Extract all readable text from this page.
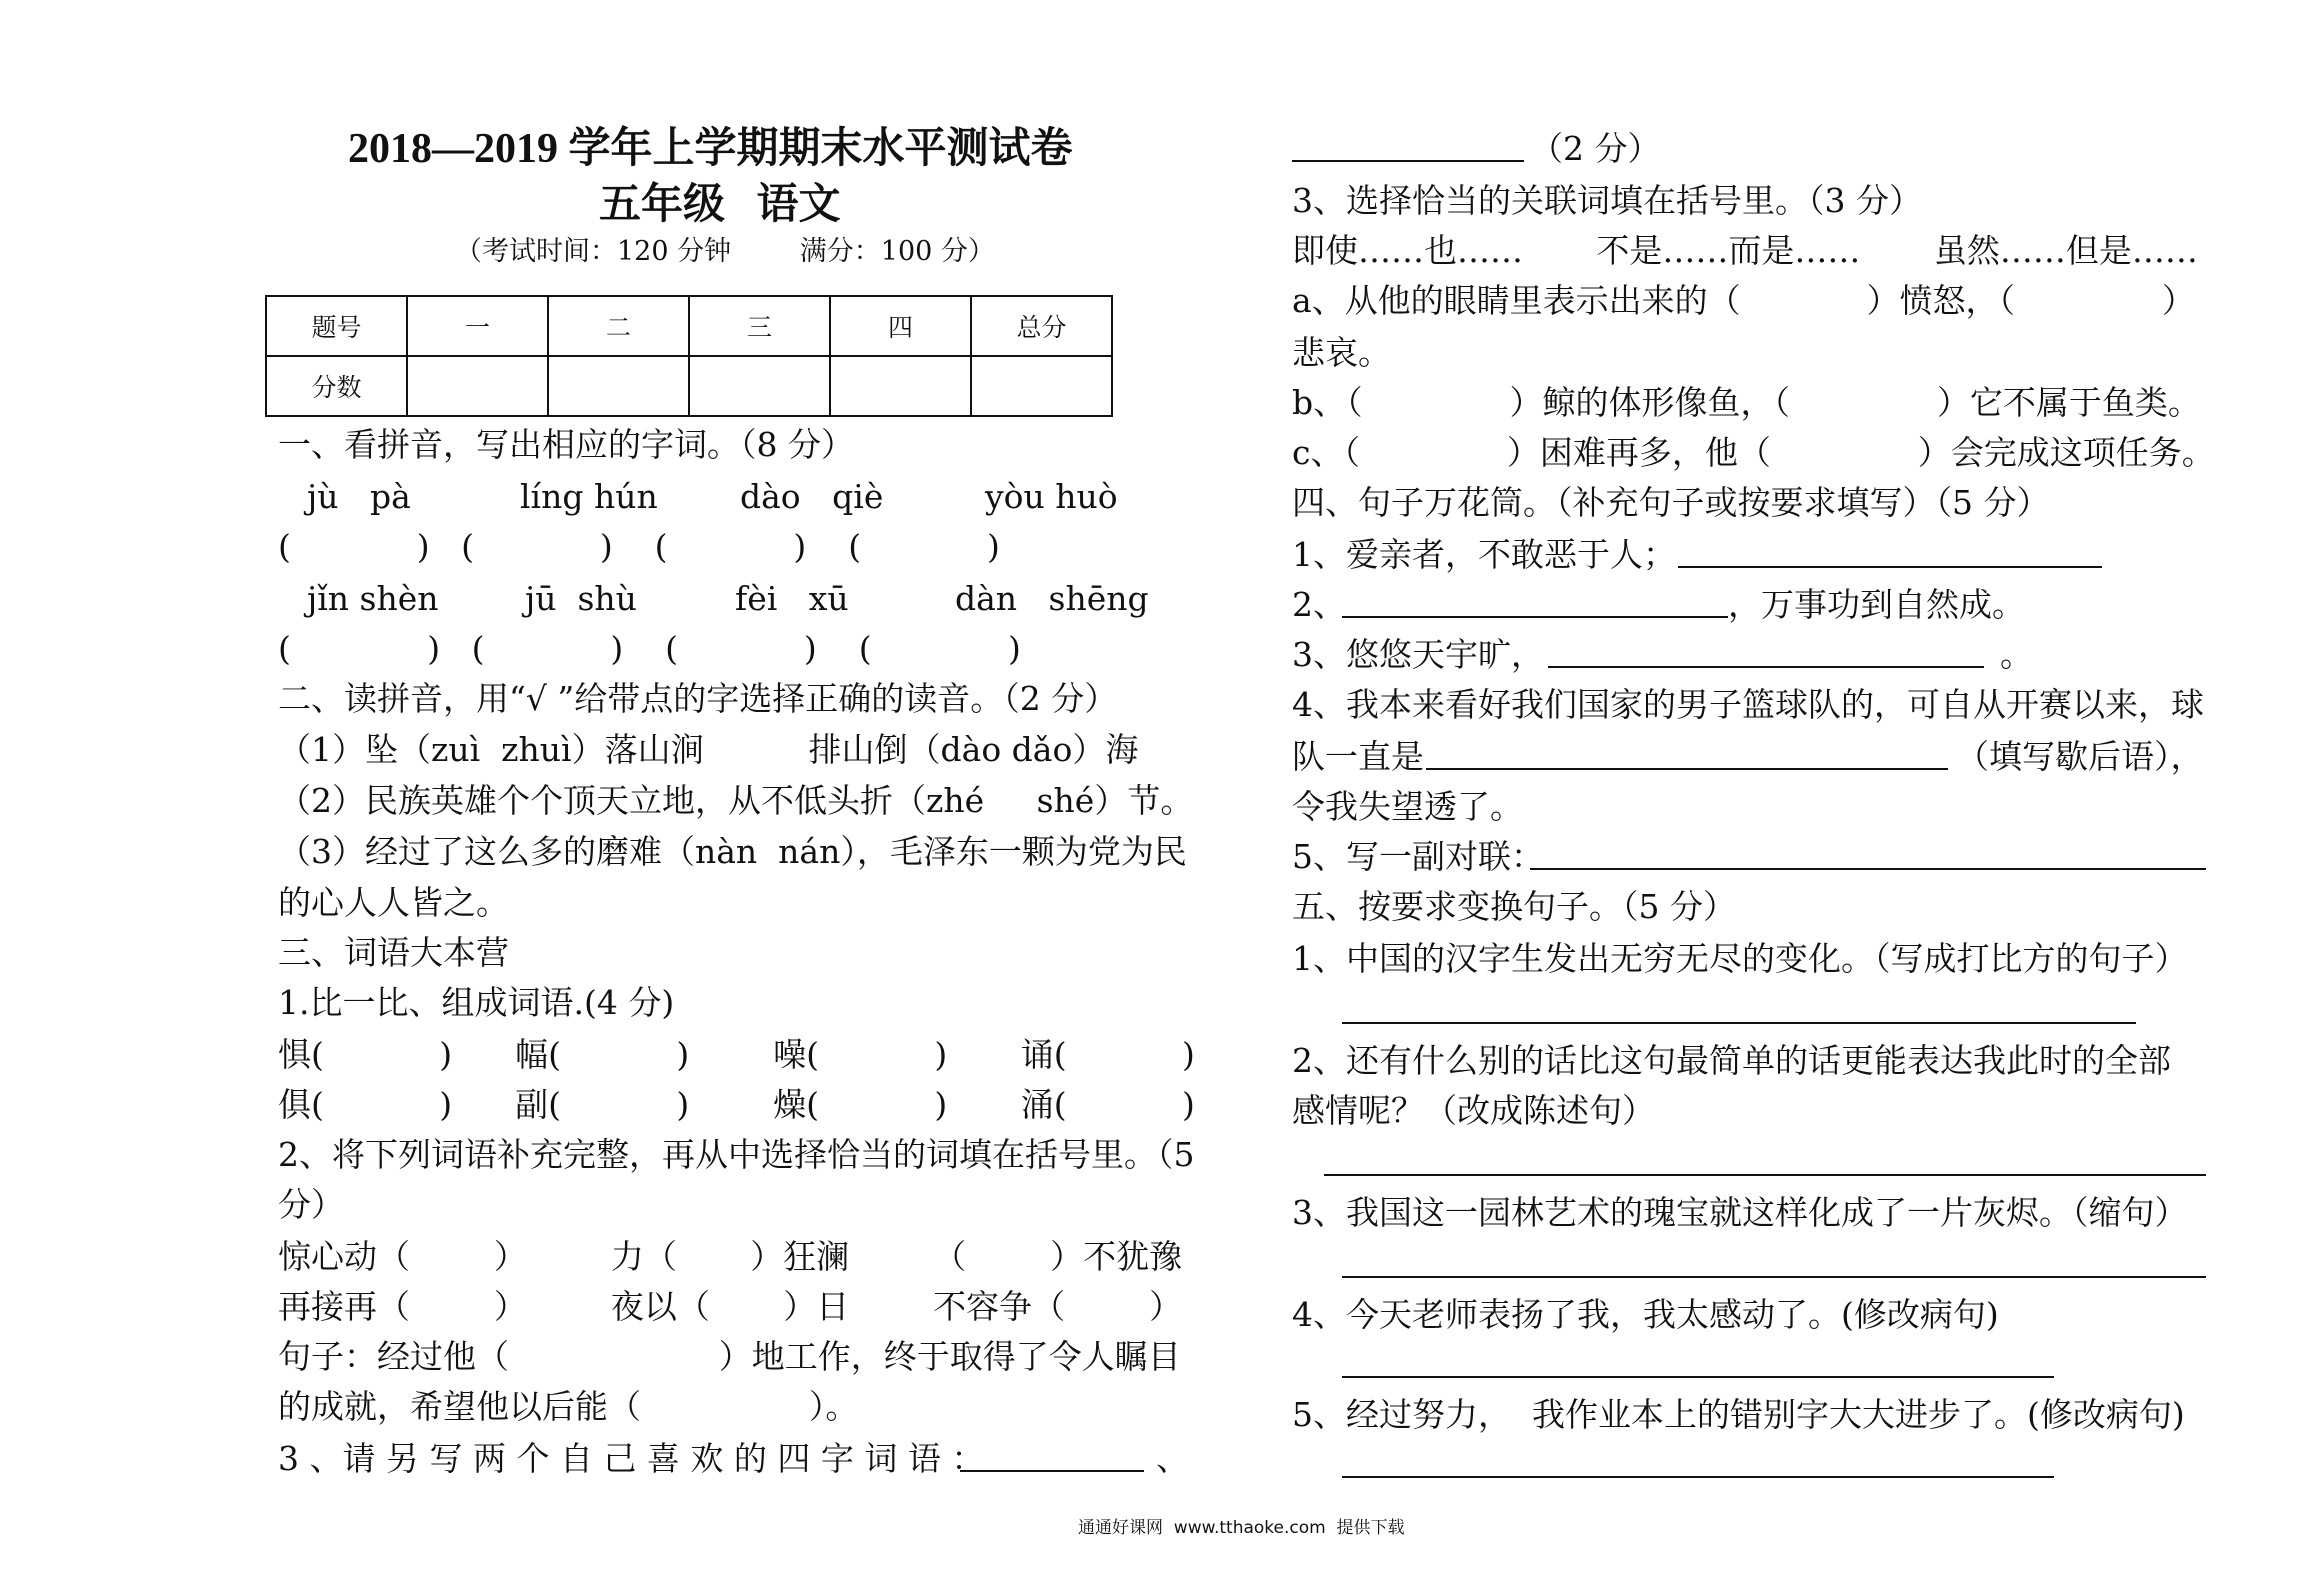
2018—2019 学年上学期期末水平测试卷
五年级   语文
（考试时间：120 分钟        满分：100 分）
题号	一	二	三	四	总分
分数					
一、看拼音，写出相应的字词。（8 分）
jù   pà	líng hún dào   qiè	yòu huò
(            )   (            )    (            )    (            )
jǐn shèn	jū  shù	fèi   xū	dàn   shēng
(             )   (            )    (            )    (             )
二、读拼音，用“√ ”给带点的字选择正确的读音。（2 分）
（1）坠（zuì  zhuì）落山涧          排山倒（dào dǎo）海
（2）民族英雄个个顶天立地，从不低头折（zhé     shé）节。
（3）经过了这么多的磨难（nàn  nán），毛泽东一颗为党为民
的心人人皆之。
三、词语大本营
1.比一比、组成词语.(4 分)
惧(           )      幅(           )        噪(           )       诵(           )
俱(           )      副(           )        燥(           )       涌(           )
2、将下列词语补充完整，再从中选择恰当的词填在括号里。（5
分）
惊心动（        ）        力（       ）狂澜        （        ）不犹豫
再接再（        ）        夜以（       ）日        不容争（        ）
句子：经过他（                    ）地工作，终于取得了令人瞩目
的成就，希望他以后能（                ）。
3 、请 另 写 两 个 自 己 喜 欢 的 四 字 词 语 ：	、
（2 分）
3、选择恰当的关联词填在括号里。（3 分）
即使……也……       不是……而是……       虽然……但是……
a、从他的眼睛里表示出来的（            ）愤怒，（              ）
悲哀。
b、（              ）鲸的体形像鱼，（              ）它不属于鱼类。
c、（              ）困难再多，他（              ）会完成这项任务。
四、句子万花筒。（补充句子或按要求填写）（5 分）
1、爱亲者，不敢恶于人；
2、	，万事功到自然成。
3、悠悠天宇旷，	。
4、我本来看好我们国家的男子篮球队的，可自从开赛以来，球
队一直是	（填写歇后语），
令我失望透了。
5、写一副对联：
五、按要求变换句子。（5 分）
1、中国的汉字生发出无穷无尽的变化。（写成打比方的句子）
2、还有什么别的话比这句最简单的话更能表达我此时的全部
感情呢？（改成陈述句）
3、我国这一园林艺术的瑰宝就这样化成了一片灰烬。（缩句）
4、今天老师表扬了我，我太感动了。(修改病句)
5、经过努力，  我作业本上的错别字大大进步了。(修改病句)
通通好课网  www.tthaoke.com  提供下载
